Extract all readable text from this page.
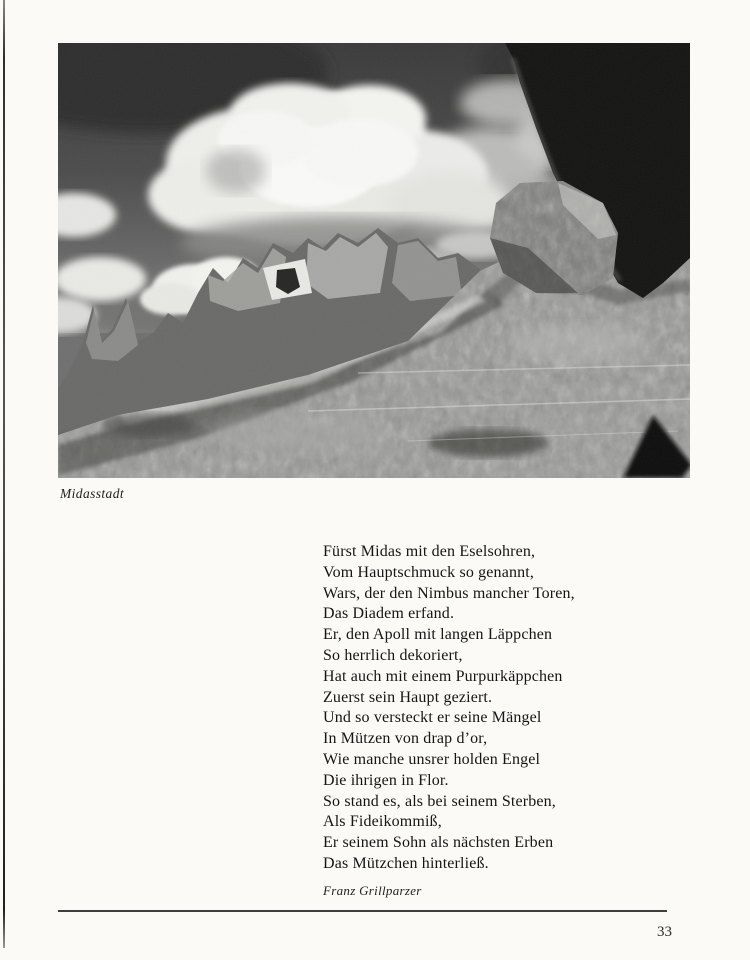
Midasstadt
Fürst Midas mit den Eselsohren,
Vom Hauptschmuck so genannt,
Wars, der den Nimbus mancher Toren,
Das Diadem erfand.
Er, den Apoll mit langen Läppchen
So herrlich dekoriert,
Hat auch mit einem Purpurkäppchen
Zuerst sein Haupt geziert.
Und so versteckt er seine Mängel
In Mützen von drap d’or,
Wie manche unsrer holden Engel
Die ihrigen in Flor.
So stand es, als bei seinem Sterben,
Als Fideikommiß,
Er seinem Sohn als nächsten Erben
Das Mützchen hinterließ.
Franz Grillparzer
33
